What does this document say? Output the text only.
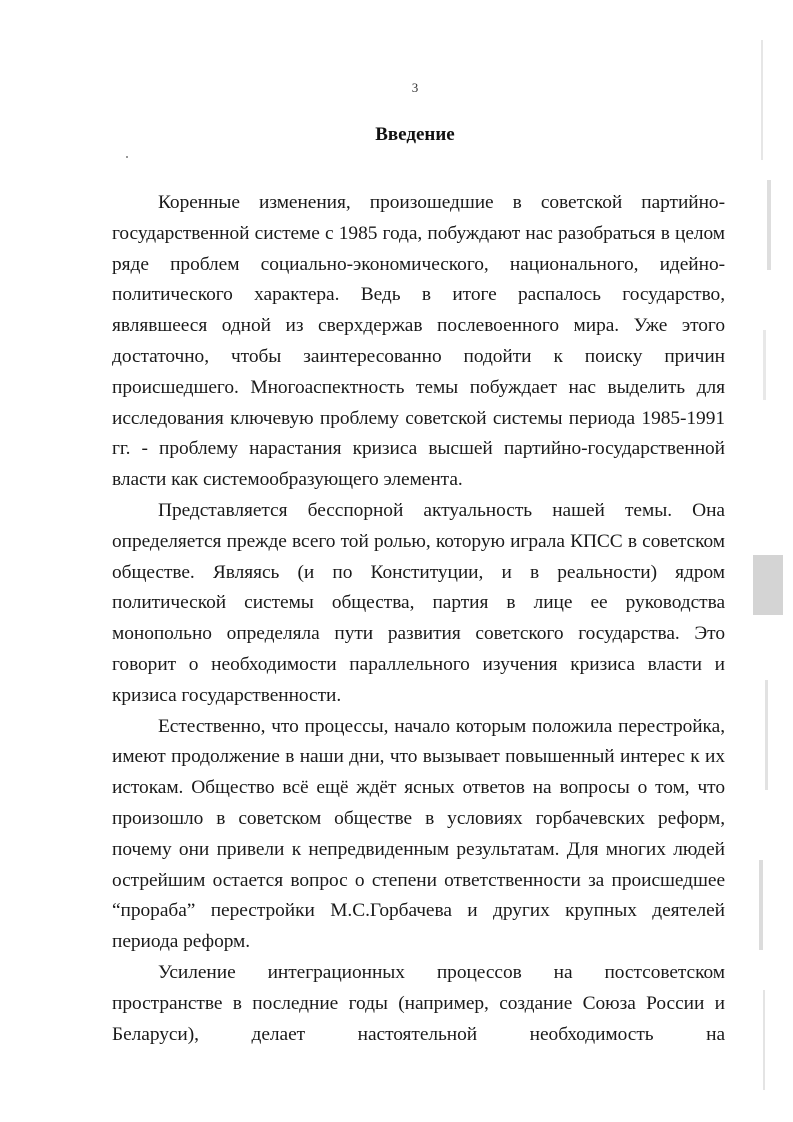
3
Введение

Коренные изменения, произошедшие в советской партийно-государственной системе с 1985 года, побуждают нас разобраться в целом ряде проблем социально-экономического, национального, идейно-политического характера. Ведь в итоге распалось государство, являвшееся одной из сверхдержав послевоенного мира. Уже этого достаточно, чтобы заинтересованно подойти к поиску причин происшедшего. Многоаспектность темы побуждает нас выделить для исследования ключевую проблему советской системы периода 1985-1991 гг. - проблему нарастания кризиса высшей партийно-государственной власти как системообразующего элемента.

Представляется бесспорной актуальность нашей темы. Она определяется прежде всего той ролью, которую играла КПСС в советском обществе. Являясь (и по Конституции, и в реальности) ядром политической системы общества, партия в лице ее руководства монопольно определяла пути развития советского государства. Это говорит о необходимости параллельного изучения кризиса власти и кризиса государственности.

Естественно, что процессы, начало которым положила перестройка, имеют продолжение в наши дни, что вызывает повышенный интерес к их истокам. Общество всё ещё ждёт ясных ответов на вопросы о том, что произошло в советском обществе в условиях горбачевских реформ, почему они привели к непредвиденным результатам. Для многих людей острейшим остается вопрос о степени ответственности за происшедшее “прораба” перестройки М.С.Горбачева и других крупных деятелей периода реформ.

Усиление интеграционных процессов на постсоветском пространстве в последние годы (например, создание Союза России и Беларуси), делает настоятельной необходимость на
